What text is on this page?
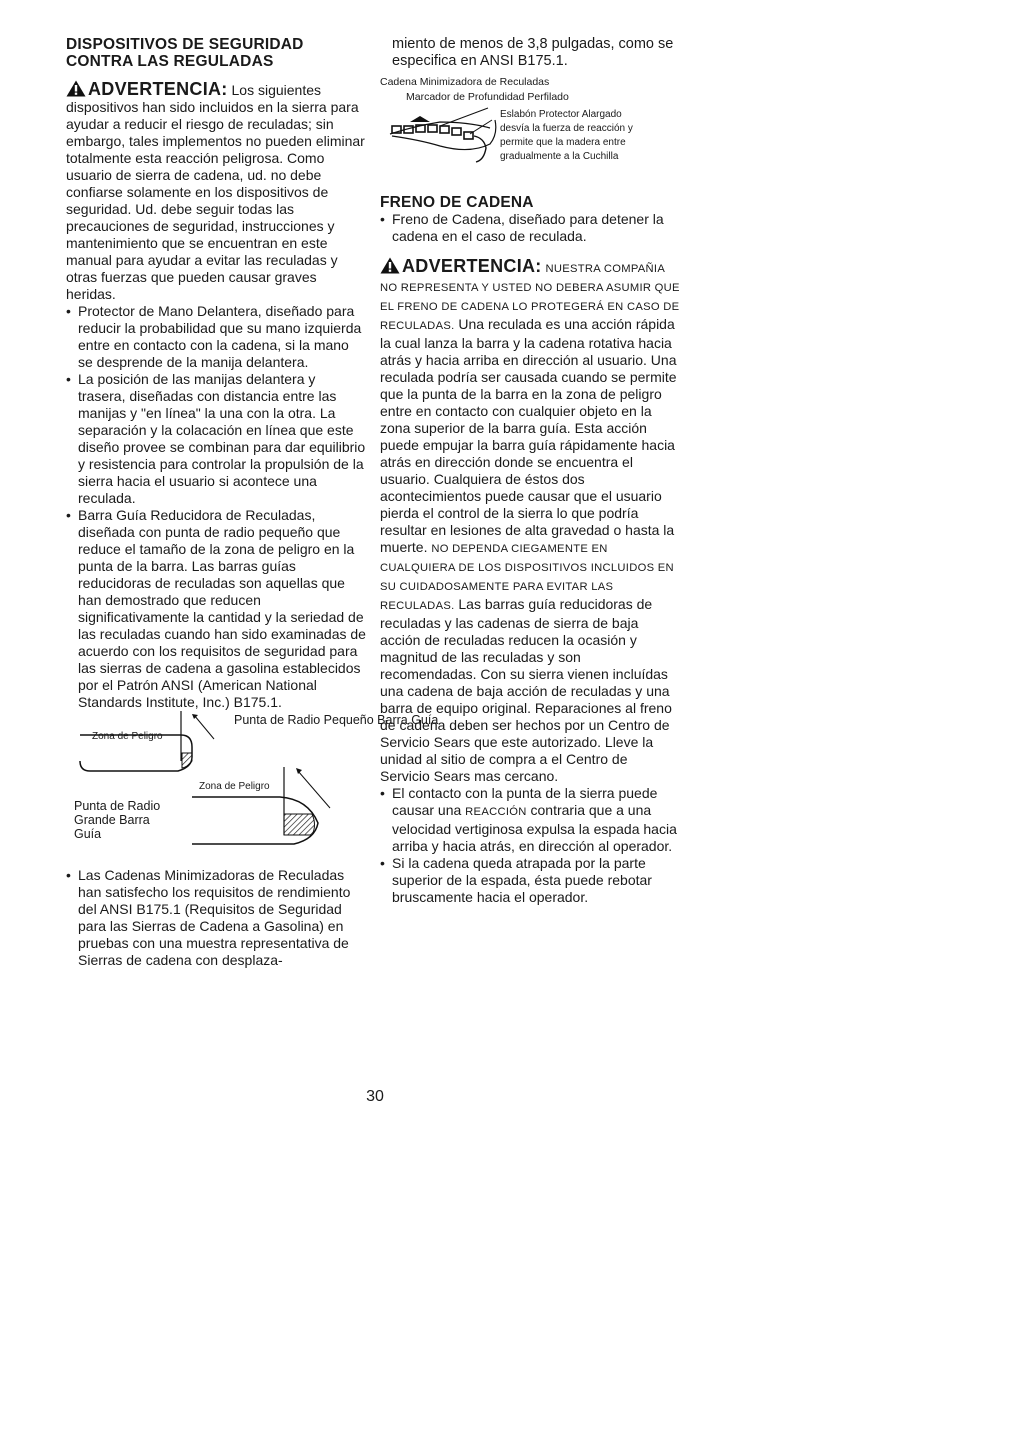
DISPOSITIVOS DE SEGURIDAD
CONTRA LAS REGULADAS

ADVERTENCIA: Los siguientes dispositivos han sido incluidos en la sierra para ayudar a reducir el riesgo de reculadas; sin embargo, tales implementos no pueden eliminar totalmente esta reacción peligrosa. Como usuario de sierra de cadena, ud. no debe confiarse solamente en los dispositivos de seguridad. Ud. debe seguir todas las precauciones de seguridad, instrucciones y mantenimiento que se encuentran en este manual para ayudar a evitar las reculadas y otras fuerzas que pueden causar graves heridas.

• Protector de Mano Delantera, diseñado para reducir la probabilidad que su mano izquierda entre en contacto con la cadena, si la mano se desprende de la manija delantera.
• La posición de las manijas delantera y trasera, diseñadas con distancia entre las manijas y "en línea" la una con la otra. La separación y la colacación en línea que este diseño provee se combinan para dar equilibrio y resistencia para controlar la propulsión de la sierra hacia el usuario si acontece una reculada.
• Barra Guía Reducidora de Reculadas, diseñada con punta de radio pequeño que reduce el tamaño de la zona de peligro en la punta de la barra. Las barras guías reducidoras de reculadas son aquellas que han demostrado que reducen significativamente la cantidad y la seriedad de las reculadas cuando han sido examinadas de acuerdo con los requisitos de seguridad para las sierras de cadena a gasolina establecidos por el Patrón ANSI (American National Standards Institute, Inc.) B175.1.
Punta de Radio Pequeño Barra Guía
Zona de Peligro
Zona de Peligro
Punta de Radio Grande Barra Guía
• Las Cadenas Minimizadoras de Reculadas han satisfecho los requisitos de rendimiento del ANSI B175.1 (Requisitos de Seguridad para las Sierras de Cadena a Gasolina) en pruebas con una muestra representativa de Sierras de cadena con desplaza-

miento de menos de 3,8 pulgadas, como se especifica en ANSI B175.1.

Cadena Minimizadora de Reculadas
Marcador de Profundidad Perfilado
Eslabón Protector Alargado desvía la fuerza de reacción y permite que la madera entre gradualmente a la Cuchilla

FRENO DE CADENA

• Freno de Cadena, diseñado para detener la cadena en el caso de reculada.

ADVERTENCIA: NUESTRA COMPAÑIA NO REPRESENTA Y USTED NO DEBERA ASUMIR QUE EL FRENO DE CADENA LO PROTEGERÁ EN CASO DE RECULADAS. Una reculada es una acción rápida la cual lanza la barra y la cadena rotativa hacia atrás y hacia arriba en dirección al usuario. Una reculada podría ser causada cuando se permite que la punta de la barra en la zona de peligro entre en contacto con cualquier objeto en la zona superior de la barra guía. Esta acción puede empujar la barra guía rápidamente hacia atrás en dirección donde se encuentra el usuario. Cualquiera de éstos dos acontecimientos puede causar que el usuario pierda el control de la sierra lo que podría resultar en lesiones de alta gravedad o hasta la muerte. NO DEPENDA CIEGAMENTE EN CUALQUIERA DE LOS DISPOSITIVOS INCLUIDOS EN SU CUIDADOSAMENTE PARA EVITAR LAS RECULADAS. Las barras guía reducidoras de reculadas y las cadenas de sierra de baja acción de reculadas reducen la ocasión y magnitud de las reculadas y son recomendadas. Con su sierra vienen incluídas una cadena de baja acción de reculadas y una barra de equipo original. Reparaciones al freno de cadena deben ser hechos por un Centro de Servicio Sears que este autorizado. Lleve la unidad al sitio de compra a el Centro de Servicio Sears mas cercano.

• El contacto con la punta de la sierra puede causar una REACCIÓN contraria que a una velocidad vertiginosa expulsa la espada hacia arriba y hacia atrás, en dirección al operador.
• Si la cadena queda atrapada por la parte superior de la espada, ésta puede rebotar bruscamente hacia el operador.
30
